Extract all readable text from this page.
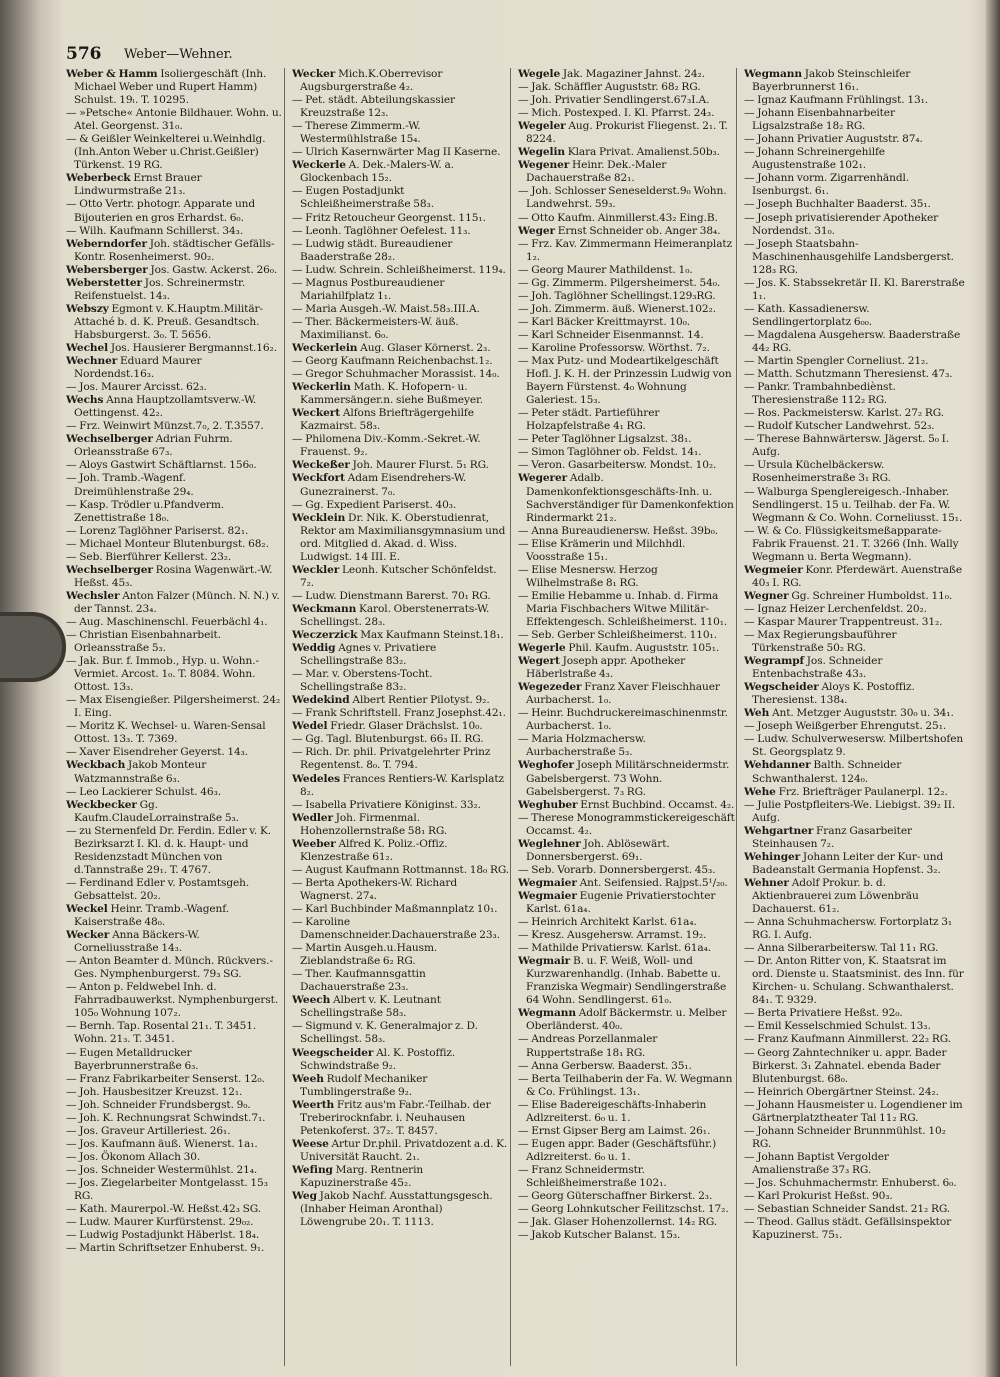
576 Weber—Wehner.

Weber & Hamm Isoliergeschäft (Inh. Michael Weber und Rupert Hamm) Schulst. 19ₗ. T. 10295.

— »Petsche« Antonie Bildhauer. Wohn. u. Atel. Georgenst. 31₀.

— & Geißler Weinkelterei u.Weinhdlg. (Inh.Anton Weber u.Christ.Geißler) Türkenst. 19 RG.

Weberbeck Ernst Brauer Lindwurmstraße 21₃.

— Otto Vertr. photogr. Apparate und Bijouterien en gros Erhardst. 6₀.

— Wilh. Kaufmann Schillerst. 34₃.

Weberndorfer Joh. städtischer Gefälls-Kontr. Rosenheimerst. 90₂.

Webersberger Jos. Gastw. Ackerst. 26₀.

Weberstetter Jos. Schreinermstr. Reifenstuelst. 14₃.

Webszy Egmont v. K.Hauptm.Militär-Attaché b. d. K. Preuß. Gesandtsch. Habsburgerst. 3₀. T. 5656.

Wechel Jos. Hausierer Bergmannst.16₂.

Wechner Eduard Maurer Nordendst.16₃.

— Jos. Maurer Arcisst. 62₃.

Wechs Anna Hauptzollamtsverw.-W. Oettingenst. 42₂.

— Frz. Weinwirt Münzst.7₀, 2. T.3557.

Wechselberger Adrian Fuhrm. Orleansstraße 67₃.

— Aloys Gastwirt Schäftlarnst. 156₀.

— Joh. Tramb.-Wagenf. Dreimühlenstraße 29₄.

— Kasp. Trödler u.Pfandverm. Zenettistraße 18₀.

— Lorenz Taglöhner Pariserst. 82₁.

— Michael Monteur Blutenburgst. 68₂.

— Seb. Bierführer Kellerst. 23₂.

Wechselberger Rosina Wagenwärt.-W. Heßst. 45₃.

Wechsler Anton Falzer (Münch. N. N.) v. der Tannst. 23₄.

— Aug. Maschinenschl. Feuerbächl 4₁.

— Christian Eisenbahnarbeit. Orleansstraße 5₃.

— Jak. Bur. f. Immob., Hyp. u. Wohn.-Vermiet. Arcost. 1₀. T. 8084. Wohn. Ottost. 13₃.

— Max Eisengießer. Pilgersheimerst. 24₂ I. Eing.

— Moritz K. Wechsel- u. Waren-Sensal Ottost. 13₃. T. 7369.

— Xaver Eisendreher Geyerst. 14₃.

Weckbach Jakob Monteur Watzmannstraße 6₃.

— Leo Lackierer Schulst. 46₃.

Weckbecker Gg. Kaufm.ClaudeLorrainstraße 5₃.

— zu Sternenfeld Dr. Ferdin. Edler v. K. Bezirksarzt I. Kl. d. k. Haupt- und Residenzstadt München von d.Tannstraße 29₁. T. 4767.

— Ferdinand Edler v. Postamtsgeh. Gebsattelst. 20₂.

Weckel Heinr. Tramb.-Wagenf. Kaiserstraße 48₀.

Wecker Anna Bäckers-W. Corneliusstraße 14₃.

— Anton Beamter d. Münch. Rückvers.-Ges. Nymphenburgerst. 79₃ SG.

— Anton p. Feldwebel Inh. d. Fahrradbauwerkst. Nymphenburgerst. 105₀ Wohnung 107₂.

— Bernh. Tap. Rosental 21₁. T. 3451. Wohn. 21₃. T. 3451.

— Eugen Metalldrucker Bayerbrunnerstraße 6₃.

— Franz Fabrikarbeiter Senserst. 12₀.

— Joh. Hausbesitzer Kreuzst. 12₁.

— Joh. Schneider Frundsbergst. 9₀.

— Joh. K. Rechnungsrat Schwindst.7₁.

— Jos. Graveur Artilleriest. 26₁.

— Jos. Kaufmann äuß. Wienerst. 1a₁.

— Jos. Ökonom Allach 30.

— Jos. Schneider Westermühlst. 21₄.

— Jos. Ziegelarbeiter Montgelasst. 15₃ RG.

— Kath. Maurerpol.-W. Heßst.42₃ SG.

— Ludw. Maurer Kurfürstenst. 29₀₂.

— Ludwig Postadjunkt Häberlst. 18₄.

— Martin Schriftsetzer Enhuberst. 9₁.

Wecker Mich.K.Oberrevisor Augsburgerstraße 4₂.

— Pet. städt. Abteilungskassier Kreuzstraße 12₃.

— Therese Zimmerm.-W. Westermühlstraße 15₄.

— Ulrich Kasernwärter Mag II Kaserne.

Weckerle A. Dek.-Malers-W. a. Glockenbach 15₂.

— Eugen Postadjunkt Schleißheimerstraße 58₃.

— Fritz Retoucheur Georgenst. 115₁.

— Leonh. Taglöhner Oefelest. 11₃.

— Ludwig städt. Bureaudiener Baaderstraße 28₂.

— Ludw. Schrein. Schleißheimerst. 119₄.

— Magnus Postbureaudiener Mariahilfplatz 1₁.

— Maria Ausgeh.-W. Maist.58₃.III.A.

— Ther. Bäckermeisters-W. äuß. Maximilianst. 6₀.

Weckerlein Aug. Glaser Körnerst. 2₃.

— Georg Kaufmann Reichenbachst.1₂.

— Gregor Schuhmacher Morassist. 14₀.

Weckerlin Math. K. Hofopern- u. Kammersänger.n. siehe Bußmeyer.

Weckert Alfons Briefträgergehilfe Kazmairst. 58₃.

— Philomena Div.-Komm.-Sekret.-W. Frauenst. 9₂.

Weckeßer Joh. Maurer Flurst. 5₁ RG.

Weckfort Adam Eisendrehers-W. Gunezrainerst. 7₀.

— Gg. Expedient Pariserst. 40₃.

Wecklein Dr. Nik. K. Oberstudienrat, Rektor am Maximiliansgymnasium und ord. Mitglied d. Akad. d. Wiss. Ludwigst. 14 III. E.

Weckler Leonh. Kutscher Schönfeldst. 7₂.

— Ludw. Dienstmann Barerst. 70₁ RG.

Weckmann Karol. Oberstenerrats-W. Schellingst. 28₃.

Weczerzick Max Kaufmann Steinst.18₁.

Weddig Agnes v. Privatiere Schellingstraße 83₂.

— Mar. v. Oberstens-Tocht. Schellingstraße 83₂.

Wedekind Albert Rentier Pilotyst. 9₂.

— Frank Schriftstell. Franz Josephst.42₁.

Wedel Friedr. Glaser Drächslst. 10₀.

— Gg. Tagl. Blutenburgst. 66₃ II. RG.

— Rich. Dr. phil. Privatgelehrter Prinz Regentenst. 8₀. T. 794.

Wedeles Frances Rentiers-W. Karlsplatz 8₂.

— Isabella Privatiere Königinst. 33₂.

Wedler Joh. Firmenmal. Hohenzollernstraße 58₁ RG.

Weeber Alfred K. Poliz.-Offiz. Klenzestraße 61₂.

— August Kaufmann Rottmannst. 18₀ RG.

— Berta Apothekers-W. Richard Wagnerst. 27₄.

— Karl Buchbinder Maßmannplatz 10₁.

— Karoline Damenschneider.Dachauerstraße 23₃.

— Martin Ausgeh.u.Hausm. Zieblandstraße 6₂ RG.

— Ther. Kaufmannsgattin Dachauerstraße 23₃.

Weech Albert v. K. Leutnant Schellingstraße 58₃.

— Sigmund v. K. Generalmajor z. D. Schellingst. 58₃.

Weegscheider Al. K. Postoffiz. Schwindstraße 9₂.

Weeh Rudolf Mechaniker Tumblingerstraße 9₂.

Weerth Fritz aus'm Fabr.-Teilhab. der Treberirocknfabr. i. Neuhausen Petenkoferst. 37₂. T. 8457.

Weese Artur Dr.phil. Privatdozent a.d. K. Universität Raucht. 2₁.

Wefing Marg. Rentnerin Kapuzinerstraße 45₂.

Weg Jakob Nachf. Ausstattungsgesch. (Inhaber Heiman Aronthal) Löwengrube 20₁. T. 1113.

Wegele Jak. Magaziner Jahnst. 24₂.

— Jak. Schäffler Auguststr. 68₂ RG.

— Joh. Privatier Sendlingerst.67₃I.A.

— Mich. Postexped. I. Kl. Pfarrst. 24₃.

Wegeler Aug. Prokurist Fliegenst. 2₁. T. 8224.

Wegelin Klara Privat. Amalienst.50b₃.

Wegener Heinr. Dek.-Maler Dachauerstraße 82₁.

— Joh. Schlosser Seneselderst.9₀ Wohn. Landwehrst. 59₃.

— Otto Kaufm. Ainmillerst.43₂ Eing.B.

Weger Ernst Schneider ob. Anger 38₄.

— Frz. Kav. Zimmermann Heimeranplatz 1₂.

— Georg Maurer Mathildenst. 1₀.

— Gg. Zimmerm. Pilgersheimerst. 54₀.

— Joh. Taglöhner Schellingst.129₃RG.

— Joh. Zimmerm. äuß. Wienerst.102₂.

— Karl Bäcker Kreittmayrst. 10₀.

— Karl Schneider Eisenmannst. 14.

— Karoline Professorsw. Wörthst. 7₂.

— Max Putz- und Modeartikelgeschäft Hofl. J. K. H. der Prinzessin Ludwig von Bayern Fürstenst. 4₀ Wohnung Galeriest. 15₃.

— Peter städt. Partieführer Holzapfelstraße 4₁ RG.

— Peter Taglöhner Ligsalzst. 38₁.

— Simon Taglöhner ob. Feldst. 14₁.

— Veron. Gasarbeitersw. Mondst. 10₂.

Wegerer Adalb. Damenkonfektionsgeschäfts-Inh. u. Sachverständiger für Damenkonfektion Rindermarkt 21₂.

— Anna Bureaudienersw. Heßst. 39b₀.

— Elise Krämerin und Milchhdl. Voosstraße 15₁.

— Elise Mesnersw. Herzog Wilhelmstraße 8₁ RG.

— Emilie Hebamme u. Inhab. d. Firma Maria Fischbachers Witwe Militär-Effektengesch. Schleißheimerst. 110₁.

— Seb. Gerber Schleißheimerst. 110₁.

Wegerle Phil. Kaufm. Auguststr. 105₁.

Wegert Joseph appr. Apotheker Häberlstraße 4₃.

Wegezeder Franz Xaver Fleischhauer Aurbacherst. 1₀.

— Heinr. Buchdruckereimaschinenmstr. Aurbacherst. 1₀.

— Maria Holzmachersw. Aurbacherstraße 5₃.

Weghofer Joseph Militärschneidermstr. Gabelsbergerst. 73 Wohn. Gabelsbergerst. 7₃ RG.

Weghuber Ernst Buchbind. Occamst. 4₂.

— Therese Monogrammstickereigeschäft Occamst. 4₂.

Weglehner Joh. Ablösewärt. Donnersbergerst. 69₁.

— Seb. Vorarb. Donnersbergerst. 45₃.

Wegmaier Ant. Seifensied. Rajpst.5¹/₂₀.

Wegmaier Eugenie Privatierstochter Karlst. 61a₄.

— Heinrich Architekt Karlst. 61a₄.

— Kresz. Ausgehersw. Arramst. 19₂.

— Mathilde Privatiersw. Karlst. 61a₄.

Wegmair B. u. F. Weiß, Woll- und Kurzwarenhandlg. (Inhab. Babette u. Franziska Wegmair) Sendlingerstraße 64 Wohn. Sendlingerst. 61₀.

Wegmann Adolf Bäckermstr. u. Melber Oberländerst. 40₀.

— Andreas Porzellanmaler Ruppertstraße 18₁ RG.

— Anna Gerbersw. Baaderst. 35₁.

— Berta Teilhaberin der Fa. W. Wegmann & Co. Frühlingst. 13₁.

— Elise Badereigeschäfts-Inhaberin Adlzreiterst. 6₀ u. 1.

— Ernst Gipser Berg am Laimst. 26₁.

— Eugen appr. Bader (Geschäftsführ.) Adlzreiterst. 6₀ u. 1.

— Franz Schneidermstr. Schleißheimerstraße 102₁.

— Georg Güterschaffner Birkerst. 2₃.

— Georg Lohnkutscher Feilitzschst. 17₂.

— Jak. Glaser Hohenzollernst. 14₂ RG.

— Jakob Kutscher Balanst. 15₃.

Wegmann Jakob Steinschleifer Bayerbrunnerst 16₁.

— Ignaz Kaufmann Frühlingst. 13₁.

— Johann Eisenbahnarbeiter Ligsalzstraße 18₂ RG.

— Johann Privatier Auguststr. 87₄.

— Johann Schreinergehilfe Augustenstraße 102₁.

— Johann vorm. Zigarrenhändl. Isenburgst. 6₁.

— Joseph Buchhalter Baaderst. 35₁.

— Joseph privatisierender Apotheker Nordendst. 31₀.

— Joseph Staatsbahn-Maschinenhausgehilfe Landsbergerst. 128₃ RG.

— Jos. K. Stabssekretär II. Kl. Barerstraße 1₁.

— Kath. Kassadienersw. Sendlingertorplatz 6₀₀.

— Magdalena Ausgehersw. Baaderstraße 44₂ RG.

— Martin Spengler Corneliust. 21₂.

— Matth. Schutzmann Theresienst. 47₃.

— Pankr. Trambahnbediènst. Theresienstraße 112₂ RG.

— Ros. Packmeistersw. Karlst. 27₂ RG.

— Rudolf Kutscher Landwehrst. 52₃.

— Therese Bahnwärtersw. Jägerst. 5₀ I. Aufg.

— Ursula Küchelbäckersw. Rosenheimerstraße 3₁ RG.

— Walburga Spenglereigesch.-Inhaber. Sendlingerst. 15 u. Teilhab. der Fa. W. Wegmann & Co. Wohn. Corneliusst. 15₁.

— W. & Co. Flüssigkeitsmeßapparate-Fabrik Frauenst. 21. T. 3266 (Inh. Wally Wegmann u. Berta Wegmann).

Wegmeier Konr. Pferdewärt. Auenstraße 40₃ I. RG.

Wegner Gg. Schreiner Humboldst. 11₀.

— Ignaz Heizer Lerchenfeldst. 20₂.

— Kaspar Maurer Trappentreust. 31₂.

— Max Regierungsbauführer Türkenstraße 50₂ RG.

Wegrampf Jos. Schneider Entenbachstraße 43₃.

Wegscheider Aloys K. Postoffiz. Theresienst. 138₄.

Weh Ant. Metzger Auguststr. 30₀ u. 34₁.

— Joseph Weißgerber Ehrengutst. 25₁.

— Ludw. Schulverwesersw. Milbertshofen St. Georgsplatz 9.

Wehdanner Balth. Schneider Schwanthalerst. 124₀.

Wehe Frz. Briefträger Paulanerpl. 12₂.

— Julie Postpfleiters-We. Liebigst. 39₂ II. Aufg.

Wehgartner Franz Gasarbeiter Steinhausen 7₂.

Wehinger Johann Leiter der Kur- und Badeanstalt Germania Hopfenst. 3₂.

Wehner Adolf Prokur. b. d. Aktienbrauerei zum Löwenbräu Dachauerst. 61₂.

— Anna Schuhmachersw. Fortorplatz 3₁ RG. I. Aufg.

— Anna Silberarbeitersw. Tal 11₁ RG.

— Dr. Anton Ritter von, K. Staatsrat im ord. Dienste u. Staatsminist. des Inn. für Kirchen- u. Schulang. Schwanthalerst. 84₁. T. 9329.

— Berta Privatiere Heßst. 92₀.

— Emil Kesselschmied Schulst. 13₃.

— Franz Kaufmann Ainmillerst. 22₂ RG.

— Georg Zahntechniker u. appr. Bader Birkerst. 3₁ Zahnatel. ebenda Bader Blutenburgst. 68₀.

— Heinrich Obergärtner Steinst. 24₂.

— Johann Hausmeister u. Logendiener im Gärtnerplatztheater Tal 11₂ RG.

— Johann Schneider Brunnmühlst. 10₂ RG.

— Johann Baptist Vergolder Amalienstraße 37₃ RG.

— Jos. Schuhmachermstr. Enhuberst. 6₀.

— Karl Prokurist Heßst. 90₃.

— Sebastian Schneider Sandst. 21₂ RG.

— Theod. Gallus städt. Gefällsinspektor Kapuzinerst. 75₁.
